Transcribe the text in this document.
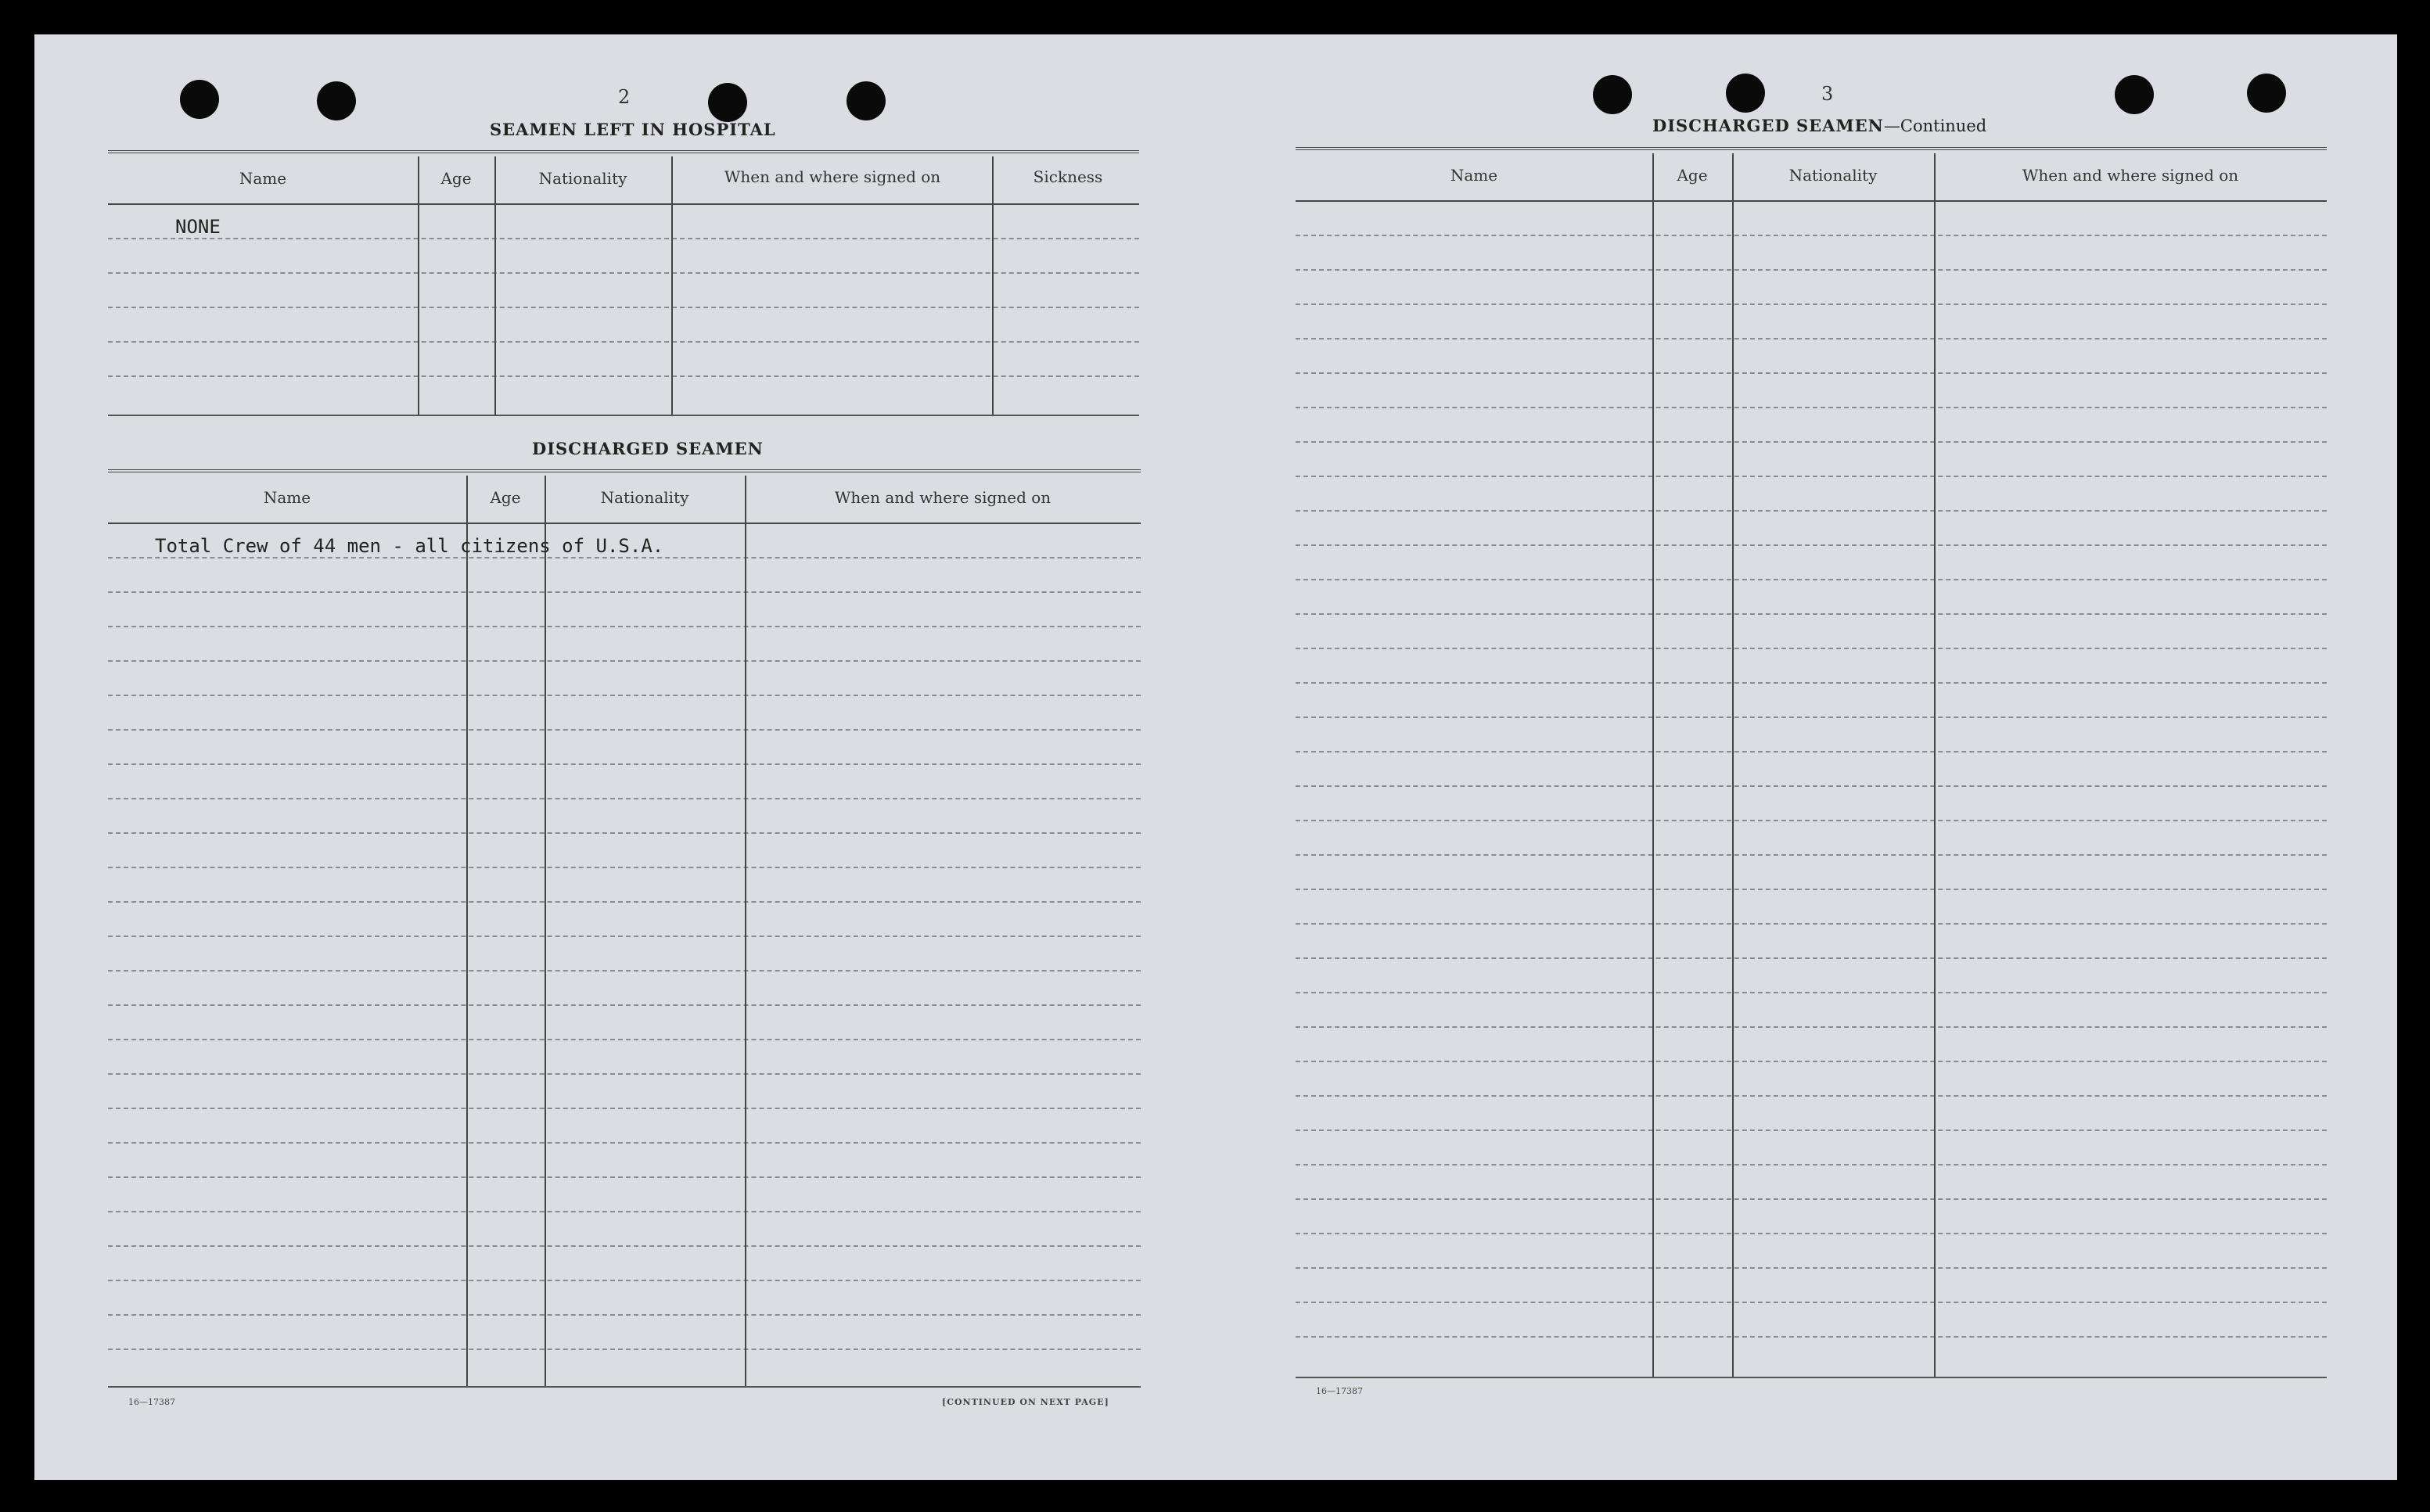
2
SEAMEN LEFT IN HOSPITAL
Name	Age	Nationality	When and where signed on	Sickness
NONE
DISCHARGED SEAMEN
Name	Age	Nationality	When and where signed on
Total Crew of 44 men - all citizens of U.S.A.
16—17387	[CONTINUED ON NEXT PAGE]
3
DISCHARGED SEAMEN—Continued
Name	Age	Nationality	When and where signed on
16—17387
